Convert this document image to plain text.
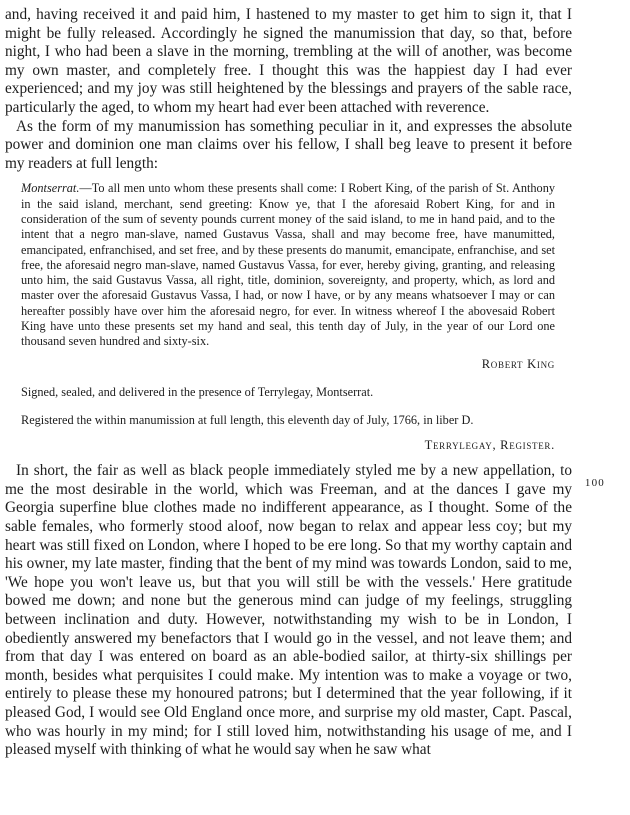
100

and, having received it and paid him, I hastened to my master to get him to sign it, that I might be fully released. Accordingly he signed the manumission that day, so that, before night, I who had been a slave in the morning, trembling at the will of another, was become my own master, and completely free. I thought this was the happiest day I had ever experienced; and my joy was still heightened by the blessings and prayers of the sable race, particularly the aged, to whom my heart had ever been attached with reverence.

As the form of my manumission has something peculiar in it, and expresses the absolute power and dominion one man claims over his fellow, I shall beg leave to present it before my readers at full length:

Montserrat.—To all men unto whom these presents shall come: I Robert King, of the parish of St. Anthony in the said island, merchant, send greeting: Know ye, that I the aforesaid Robert King, for and in consideration of the sum of seventy pounds current money of the said island, to me in hand paid, and to the intent that a negro man-slave, named Gustavus Vassa, shall and may become free, have manumitted, emancipated, enfranchised, and set free, and by these presents do manumit, emancipate, enfranchise, and set free, the aforesaid negro man-slave, named Gustavus Vassa, for ever, hereby giving, granting, and releasing unto him, the said Gustavus Vassa, all right, title, dominion, sovereignty, and property, which, as lord and master over the aforesaid Gustavus Vassa, I had, or now I have, or by any means whatsoever I may or can hereafter possibly have over him the aforesaid negro, for ever. In witness whereof I the abovesaid Robert King have unto these presents set my hand and seal, this tenth day of July, in the year of our Lord one thousand seven hundred and sixty-six.
Robert King
Signed, sealed, and delivered in the presence of Terrylegay, Montserrat.
Registered the within manumission at full length, this eleventh day of July, 1766, in liber D.
Terrylegay, Register.

In short, the fair as well as black people immediately styled me by a new appellation, to me the most desirable in the world, which was Freeman, and at the dances I gave my Georgia superfine blue clothes made no indifferent appearance, as I thought. Some of the sable females, who formerly stood aloof, now began to relax and appear less coy; but my heart was still fixed on London, where I hoped to be ere long. So that my worthy captain and his owner, my late master, finding that the bent of my mind was towards London, said to me, 'We hope you won't leave us, but that you will still be with the vessels.' Here gratitude bowed me down; and none but the generous mind can judge of my feelings, struggling between inclination and duty. However, notwithstanding my wish to be in London, I obediently answered my benefactors that I would go in the vessel, and not leave them; and from that day I was entered on board as an able-bodied sailor, at thirty-six shillings per month, besides what perquisites I could make. My intention was to make a voyage or two, entirely to please these my honoured patrons; but I determined that the year following, if it pleased God, I would see Old England once more, and surprise my old master, Capt. Pascal, who was hourly in my mind; for I still loved him, notwithstanding his usage of me, and I pleased myself with thinking of what he would say when he saw what
